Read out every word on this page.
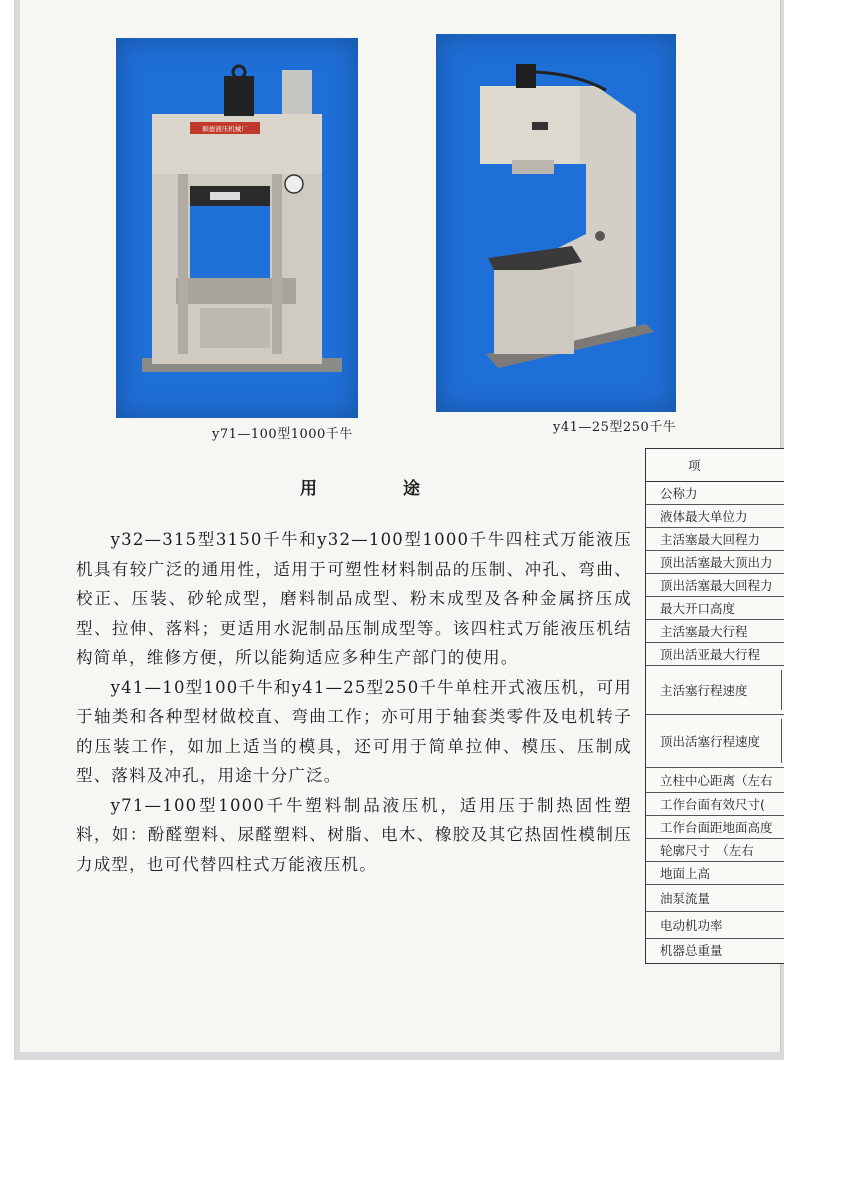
顺德液压机械厂
y71—100型1000千牛	y41—25型250千牛
用	途

y32—315型3150千牛和y32—100型1000千牛四柱式万能液压机具有较广泛的通用性，适用于可塑性材料制品的压制、冲孔、弯曲、校正、压装、砂轮成型，磨料制品成型、粉末成型及各种金属挤压成型、拉伸、落料；更适用水泥制品压制成型等。该四柱式万能液压机结构简单，维修方便，所以能夠适应多种生产部门的使用。

y41—10型100千牛和y41—25型250千牛单柱开式液压机，可用于轴类和各种型材做校直、弯曲工作；亦可用于轴套类零件及电机转子的压装工作，如加上适当的模具，还可用于简单拉伸、模压、压制成型、落料及冲孔，用途十分广泛。

y71—100型1000千牛塑料制品液压机，适用压于制热固性塑料，如：酚醛塑料、尿醛塑料、树脂、电木、橡胶及其它热固性模制压力成型，也可代替四柱式万能液压机。

项
公称力
液体最大单位力
主活塞最大回程力
顶出活塞最大顶出力
顶出活塞最大回程力
最大开口高度
主活塞最大行程
顶出活亚最大行程
主活塞行程速度
顶出活塞行程速度
立柱中心距离（左右
工作台面有效尺寸(
工作台面距地面高度
轮廓尺寸　（左右
地面上高
油泵流量
电动机功率
机器总重量
